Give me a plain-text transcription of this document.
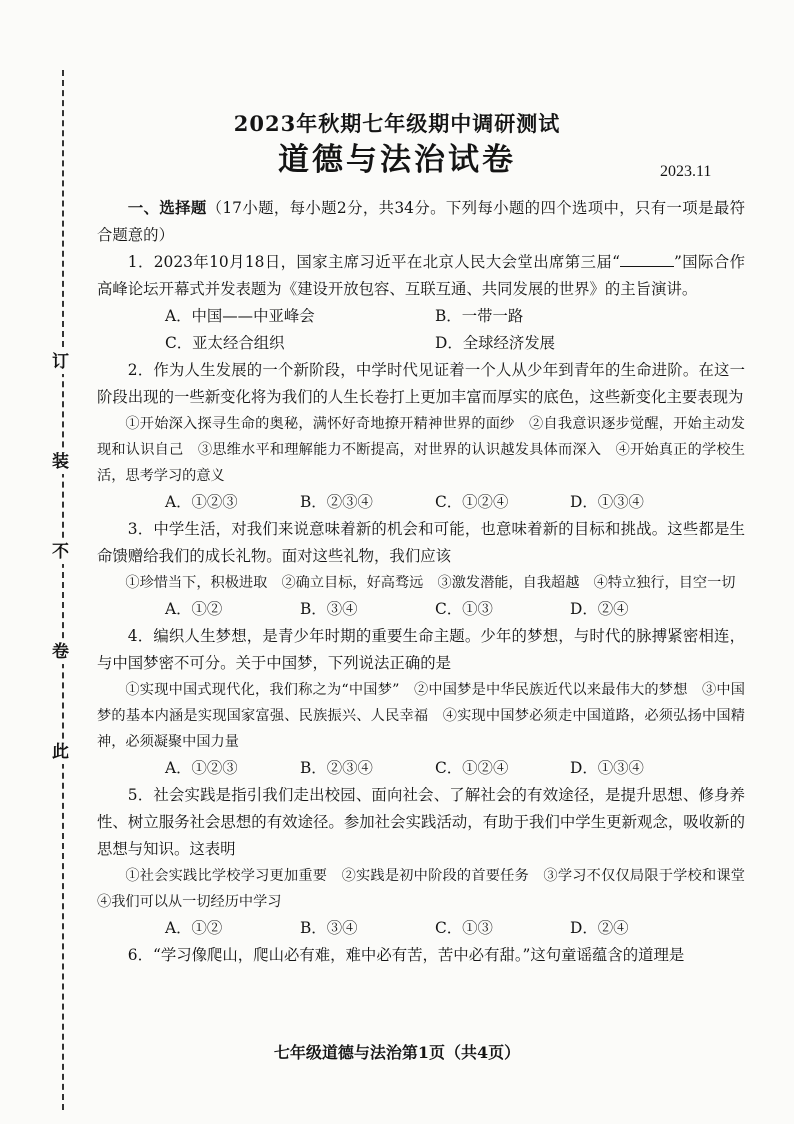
此
卷
不
装
订
2023年秋期七年级期中调研测试
道德与法治试卷	2023.11

一、选择题（17小题，每小题2分，共34分。下列每小题的四个选项中，只有一项是最符合题意的）

1．2023年10月18日，国家主席习近平在北京人民大会堂出席第三届“	”国际合作高峰论坛开幕式并发表题为《建设开放包容、互联互通、共同发展的世界》的主旨演讲。

A．中国——中亚峰会	B．一带一路
C．亚太经合组织	D．全球经济发展

2．作为人生发展的一个新阶段，中学时代见证着一个人从少年到青年的生命进阶。在这一阶段出现的一些新变化将为我们的人生长卷打上更加丰富而厚实的底色，这些新变化主要表现为

①开始深入探寻生命的奥秘，满怀好奇地撩开精神世界的面纱　②自我意识逐步觉醒，开始主动发现和认识自己　③思维水平和理解能力不断提高，对世界的认识越发具体而深入　④开始真正的学校生活，思考学习的意义

A．①②③	B．②③④	C．①②④	D．①③④

3．中学生活，对我们来说意味着新的机会和可能，也意味着新的目标和挑战。这些都是生命馈赠给我们的成长礼物。面对这些礼物，我们应该

①珍惜当下，积极进取　②确立目标，好高骛远　③激发潜能，自我超越　④特立独行，目空一切

A．①②	B．③④	C．①③	D．②④

4．编织人生梦想，是青少年时期的重要生命主题。少年的梦想，与时代的脉搏紧密相连，与中国梦密不可分。关于中国梦，下列说法正确的是

①实现中国式现代化，我们称之为“中国梦”　②中国梦是中华民族近代以来最伟大的梦想　③中国梦的基本内涵是实现国家富强、民族振兴、人民幸福　④实现中国梦必须走中国道路，必须弘扬中国精神，必须凝聚中国力量

A．①②③	B．②③④	C．①②④	D．①③④

5．社会实践是指引我们走出校园、面向社会、了解社会的有效途径，是提升思想、修身养性、树立服务社会思想的有效途径。参加社会实践活动，有助于我们中学生更新观念，吸收新的思想与知识。这表明

①社会实践比学校学习更加重要　②实践是初中阶段的首要任务　③学习不仅仅局限于学校和课堂　④我们可以从一切经历中学习

A．①②	B．③④	C．①③	D．②④

6．“学习像爬山，爬山必有难，难中必有苦，苦中必有甜。”这句童谣蕴含的道理是

七年级道德与法治第1页（共4页）
